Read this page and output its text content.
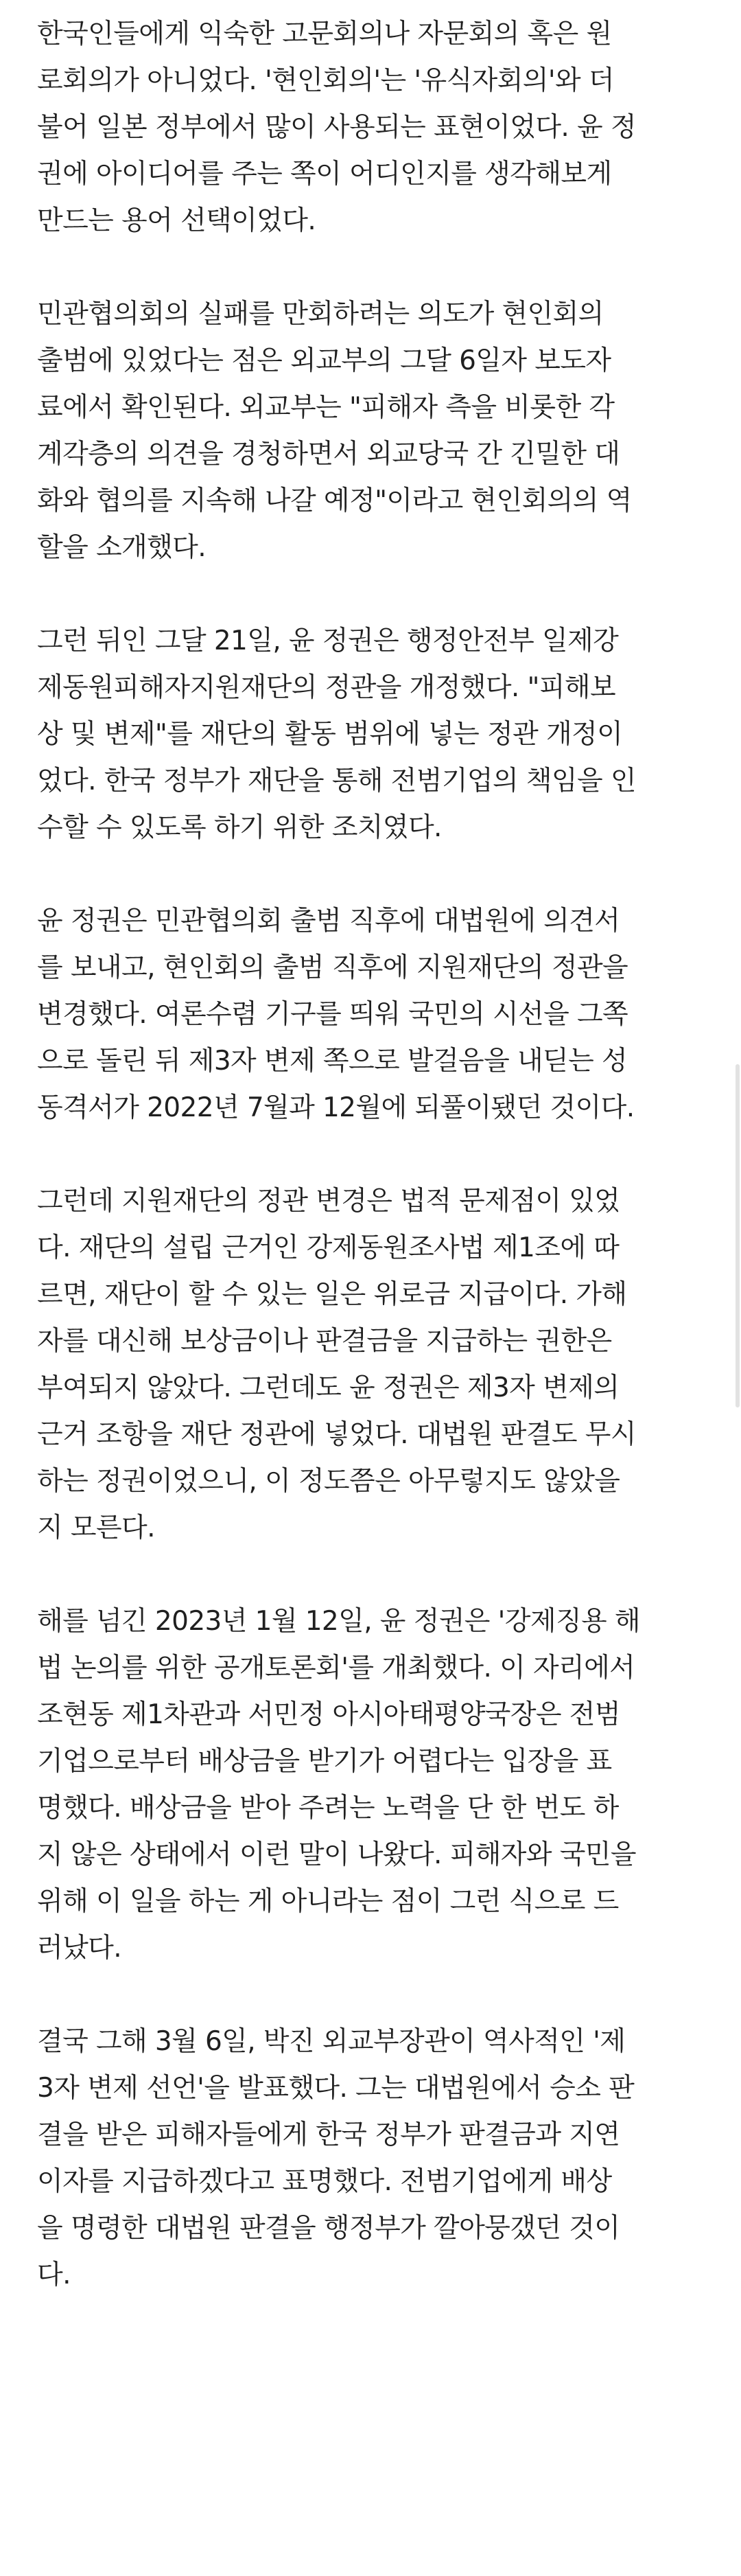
한국인들에게 익숙한 고문회의나 자문회의 혹은 원
로회의가 아니었다. '현인회의'는 '유식자회의'와 더
불어 일본 정부에서 많이 사용되는 표현이었다. 윤 정
권에 아이디어를 주는 쪽이 어디인지를 생각해보게
만드는 용어 선택이었다.

민관협의회의 실패를 만회하려는 의도가 현인회의
출범에 있었다는 점은 외교부의 그달 6일자 보도자
료에서 확인된다. 외교부는 "피해자 측을 비롯한 각
계각층의 의견을 경청하면서 외교당국 간 긴밀한 대
화와 협의를 지속해 나갈 예정"이라고 현인회의의 역
할을 소개했다.

그런 뒤인 그달 21일, 윤 정권은 행정안전부 일제강
제동원피해자지원재단의 정관을 개정했다. "피해보
상 및 변제"를 재단의 활동 범위에 넣는 정관 개정이
었다. 한국 정부가 재단을 통해 전범기업의 책임을 인
수할 수 있도록 하기 위한 조치였다.

윤 정권은 민관협의회 출범 직후에 대법원에 의견서
를 보내고, 현인회의 출범 직후에 지원재단의 정관을
변경했다. 여론수렴 기구를 띄워 국민의 시선을 그쪽
으로 돌린 뒤 제3자 변제 쪽으로 발걸음을 내딛는 성
동격서가 2022년 7월과 12월에 되풀이됐던 것이다.

그런데 지원재단의 정관 변경은 법적 문제점이 있었
다. 재단의 설립 근거인 강제동원조사법 제1조에 따
르면, 재단이 할 수 있는 일은 위로금 지급이다. 가해
자를 대신해 보상금이나 판결금을 지급하는 권한은
부여되지 않았다. 그런데도 윤 정권은 제3자 변제의
근거 조항을 재단 정관에 넣었다. 대법원 판결도 무시
하는 정권이었으니, 이 정도쯤은 아무렇지도 않았을
지 모른다.

해를 넘긴 2023년 1월 12일, 윤 정권은 '강제징용 해
법 논의를 위한 공개토론회'를 개최했다. 이 자리에서
조현동 제1차관과 서민정 아시아태평양국장은 전범
기업으로부터 배상금을 받기가 어렵다는 입장을 표
명했다. 배상금을 받아 주려는 노력을 단 한 번도 하
지 않은 상태에서 이런 말이 나왔다. 피해자와 국민을
위해 이 일을 하는 게 아니라는 점이 그런 식으로 드
러났다.

결국 그해 3월 6일, 박진 외교부장관이 역사적인 '제
3자 변제 선언'을 발표했다. 그는 대법원에서 승소 판
결을 받은 피해자들에게 한국 정부가 판결금과 지연
이자를 지급하겠다고 표명했다. 전범기업에게 배상
을 명령한 대법원 판결을 행정부가 깔아뭉갰던 것이
다.
